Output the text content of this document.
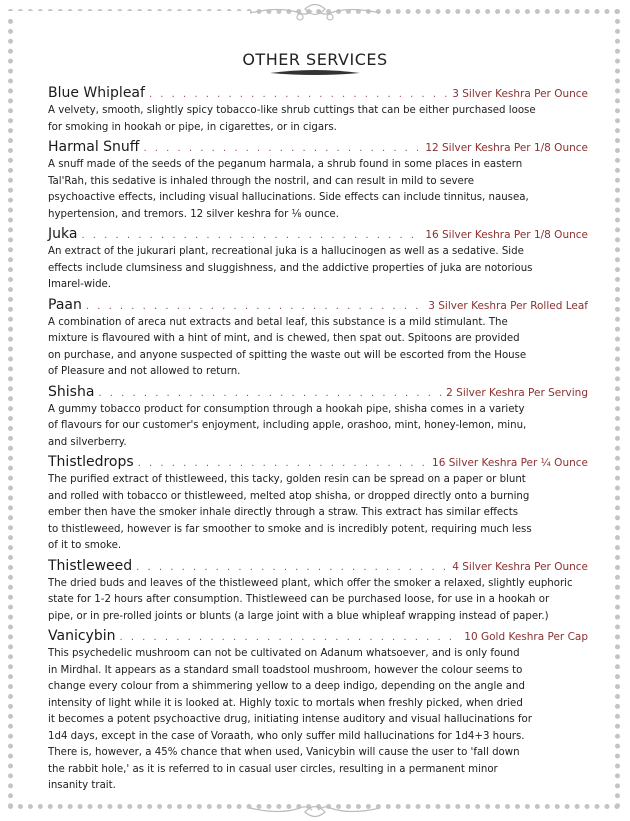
OTHER SERVICES
Blue Whipleaf . . .	3 Silver Keshra Per Ounce
A velvety, smooth, slightly spicy tobacco-like shrub cuttings that can be either purchased loose
for smoking in hookah or pipe, in cigarettes, or in cigars.
Harmal Snuff . . .	12 Silver Keshra Per 1/8 Ounce
A snuff made of the seeds of the peganum harmala, a shrub found in some places in eastern
Tal'Rah, this sedative is inhaled through the nostril, and can result in mild to severe
psychoactive effects, including visual hallucinations. Side effects can include tinnitus, nausea,
hypertension, and tremors. 12 silver keshra for ⅛ ounce.
Juka . . .	16 Silver Keshra Per 1/8 Ounce
An extract of the jukurari plant, recreational juka is a hallucinogen as well as a sedative. Side
effects include clumsiness and sluggishness, and the addictive properties of juka are notorious
Imarel-wide.
Paan . . .	3 Silver Keshra Per Rolled Leaf
A combination of areca nut extracts and betal leaf, this substance is a mild stimulant. The
mixture is flavoured with a hint of mint, and is chewed, then spat out. Spitoons are provided
on purchase, and anyone suspected of spitting the waste out will be escorted from the House
of Pleasure and not allowed to return.
Shisha . . .	2 Silver Keshra Per Serving
A gummy tobacco product for consumption through a hookah pipe, shisha comes in a variety
of flavours for our customer's enjoyment, including apple, orashoo, mint, honey-lemon, minu,
and silverberry.
Thistledrops . . .	16 Silver Keshra Per ¼ Ounce
The purified extract of thistleweed, this tacky, golden resin can be spread on a paper or blunt
and rolled with tobacco or thistleweed, melted atop shisha, or dropped directly onto a burning
ember then have the smoker inhale directly through a straw. This extract has similar effects
to thistleweed, however is far smoother to smoke and is incredibly potent, requiring much less
of it to smoke.
Thistleweed . . .	4 Silver Keshra Per Ounce
The dried buds and leaves of the thistleweed plant, which offer the smoker a relaxed, slightly euphoric
state for 1-2 hours after consumption. Thistleweed can be purchased loose, for use in a hookah or
pipe, or in pre-rolled joints or blunts (a large joint with a blue whipleaf wrapping instead of paper.)
Vanicybin . . .	10 Gold Keshra Per Cap
This psychedelic mushroom can not be cultivated on Adanum whatsoever, and is only found
in Mirdhal. It appears as a standard small toadstool mushroom, however the colour seems to
change every colour from a shimmering yellow to a deep indigo, depending on the angle and
intensity of light while it is looked at. Highly toxic to mortals when freshly picked, when dried
it becomes a potent psychoactive drug, initiating intense auditory and visual hallucinations for
1d4 days, except in the case of Voraath, who only suffer mild hallucinations for 1d4+3 hours.
There is, however, a 45% chance that when used, Vanicybin will cause the user to 'fall down
the rabbit hole,' as it is referred to in casual user circles, resulting in a permanent minor
insanity trait.
